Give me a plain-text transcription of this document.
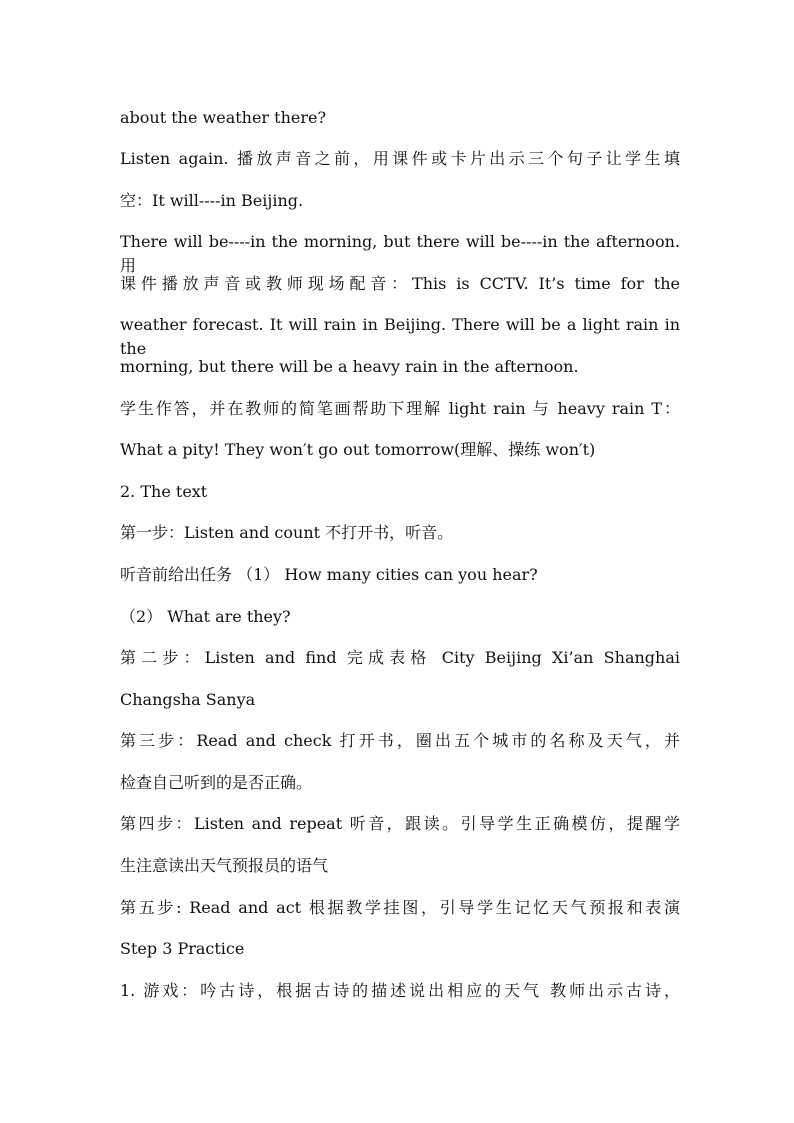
about the weather there?
Listen again. 播放声音之前，用课件或卡片出示三个句子让学生填
空：It will----in Beijing.
There will be----in the morning, but there will be----in the afternoon. 用
课件播放声音或教师现场配音：This is CCTV. It’s time for the
weather forecast. It will rain in Beijing. There will be a light rain in the
morning, but there will be a heavy rain in the afternoon.
学生作答，并在教师的简笔画帮助下理解 light rain 与 heavy rain T：
What a pity! They won′t go out tomorrow(理解、操练 won′t)
2. The text
第一步：Listen and count 不打开书，听音。
听音前给出任务 （1） How many cities can you hear?
（2） What are they?
第二步：Listen and find 完成表格 City Beijing Xi’an Shanghai
Changsha Sanya
第三步：Read and check 打开书，圈出五个城市的名称及天气，并
检查自己听到的是否正确。
第四步：Listen and repeat 听音，跟读。引导学生正确模仿，提醒学
生注意读出天气预报员的语气
第五步: Read and act 根据教学挂图，引导学生记忆天气预报和表演
Step 3 Practice
1. 游戏：吟古诗，根据古诗的描述说出相应的天气 教师出示古诗，
